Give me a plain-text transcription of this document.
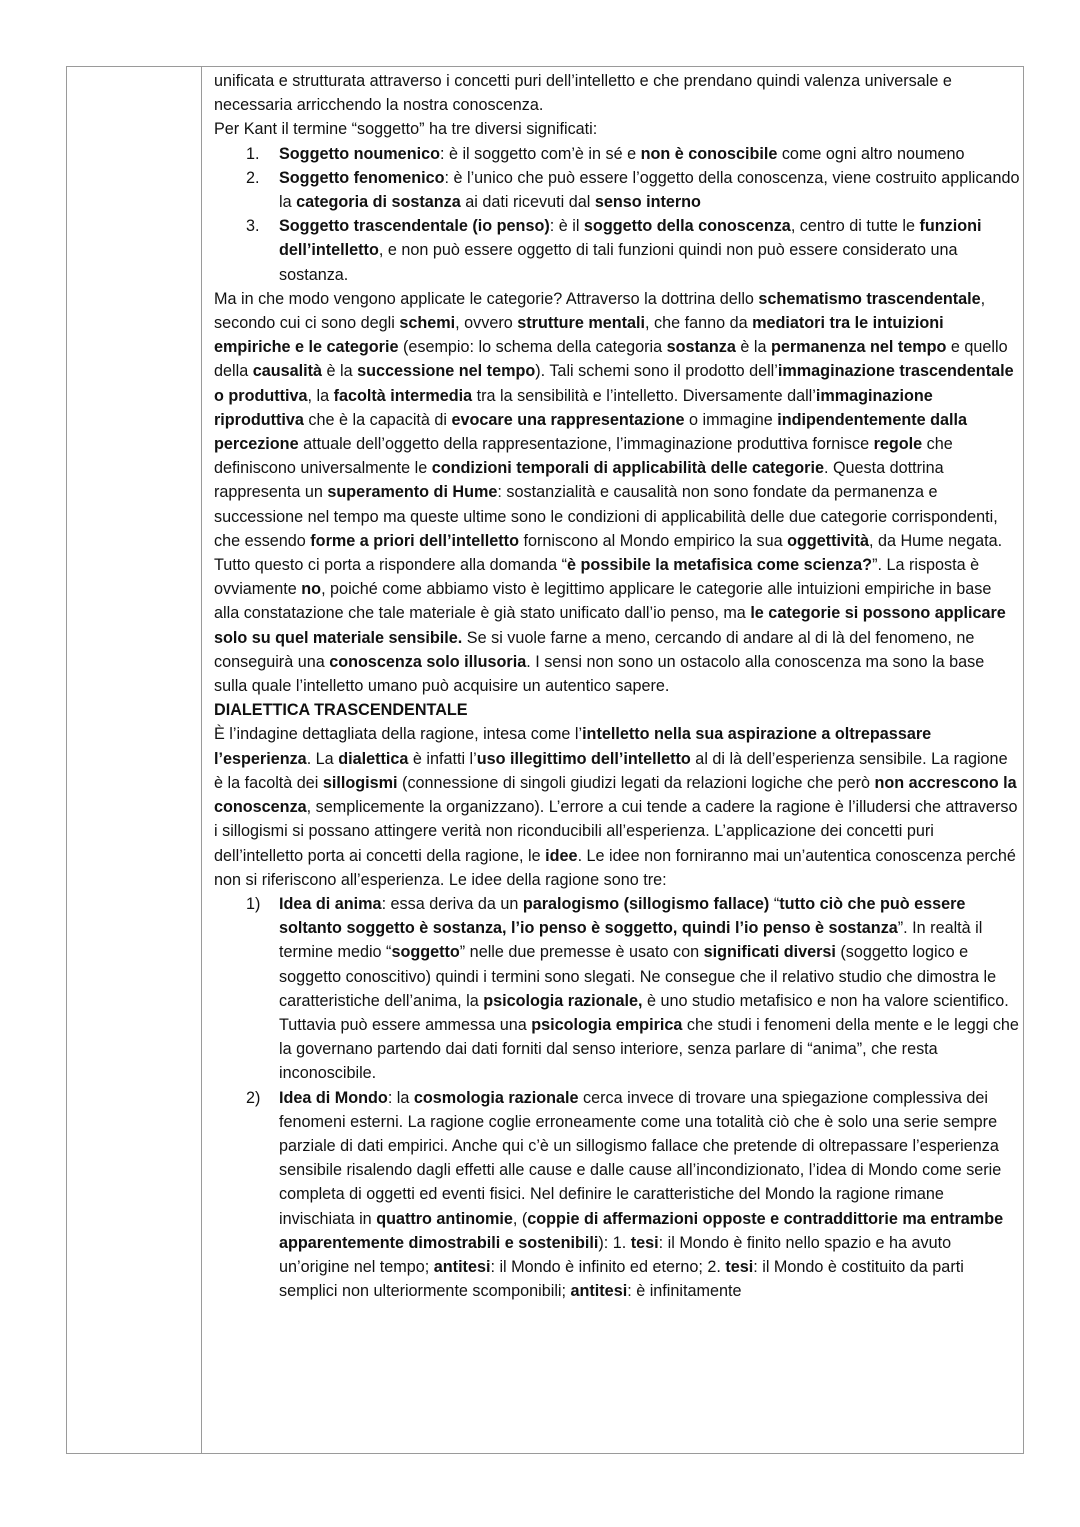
unificata e strutturata attraverso i concetti puri dell’intelletto e che prendano quindi valenza universale e necessaria arricchendo la nostra conoscenza.

Per Kant il termine “soggetto” ha tre diversi significati:

1. Soggetto noumenico: è il soggetto com’è in sé e non è conoscibile come ogni altro noumeno
2. Soggetto fenomenico: è l’unico che può essere l’oggetto della conoscenza, viene costruito applicando la categoria di sostanza ai dati ricevuti dal senso interno
3. Soggetto trascendentale (io penso): è il soggetto della conoscenza, centro di tutte le funzioni dell’intelletto, e non può essere oggetto di tali funzioni quindi non può essere considerato una sostanza.

Ma in che modo vengono applicate le categorie? Attraverso la dottrina dello schematismo trascendentale, secondo cui ci sono degli schemi, ovvero strutture mentali, che fanno da mediatori tra le intuizioni empiriche e le categorie (esempio: lo schema della categoria sostanza è la permanenza nel tempo e quello della causalità è la successione nel tempo). Tali schemi sono il prodotto dell’immaginazione trascendentale o produttiva, la facoltà intermedia tra la sensibilità e l’intelletto. Diversamente dall’immaginazione riproduttiva che è la capacità di evocare una rappresentazione o immagine indipendentemente dalla percezione attuale dell’oggetto della rappresentazione, l’immaginazione produttiva fornisce regole che definiscono universalmente le condizioni temporali di applicabilità delle categorie. Questa dottrina rappresenta un superamento di Hume: sostanzialità e causalità non sono fondate da permanenza e successione nel tempo ma queste ultime sono le condizioni di applicabilità delle due categorie corrispondenti, che essendo forme a priori dell’intelletto forniscono al Mondo empirico la sua oggettività, da Hume negata.

Tutto questo ci porta a rispondere alla domanda “è possibile la metafisica come scienza?”. La risposta è ovviamente no, poiché come abbiamo visto è legittimo applicare le categorie alle intuizioni empiriche in base alla constatazione che tale materiale è già stato unificato dall’io penso, ma le categorie si possono applicare solo su quel materiale sensibile. Se si vuole farne a meno, cercando di andare al di là del fenomeno, ne conseguirà una conoscenza solo illusoria. I sensi non sono un ostacolo alla conoscenza ma sono la base sulla quale l’intelletto umano può acquisire un autentico sapere.

DIALETTICA TRASCENDENTALE

È l’indagine dettagliata della ragione, intesa come l’intelletto nella sua aspirazione a oltrepassare l’esperienza. La dialettica è infatti l’uso illegittimo dell’intelletto al di là dell’esperienza sensibile. La ragione è la facoltà dei sillogismi (connessione di singoli giudizi legati da relazioni logiche che però non accrescono la conoscenza, semplicemente la organizzano). L’errore a cui tende a cadere la ragione è l’illudersi che attraverso i sillogismi si possano attingere verità non riconducibili all’esperienza. L’applicazione dei concetti puri dell’intelletto porta ai concetti della ragione, le idee. Le idee non forniranno mai un’autentica conoscenza perché non si riferiscono all’esperienza. Le idee della ragione sono tre:

1) Idea di anima: essa deriva da un paralogismo (sillogismo fallace) “tutto ciò che può essere soltanto soggetto è sostanza, l’io penso è soggetto, quindi l’io penso è sostanza”. In realtà il termine medio “soggetto” nelle due premesse è usato con significati diversi (soggetto logico e soggetto conoscitivo) quindi i termini sono slegati. Ne consegue che il relativo studio che dimostra le caratteristiche dell’anima, la psicologia razionale, è uno studio metafisico e non ha valore scientifico. Tuttavia può essere ammessa una psicologia empirica che studi i fenomeni della mente e le leggi che la governano partendo dai dati forniti dal senso interiore, senza parlare di “anima”, che resta inconoscibile.
2) Idea di Mondo: la cosmologia razionale cerca invece di trovare una spiegazione complessiva dei fenomeni esterni. La ragione coglie erroneamente come una totalità ciò che è solo una serie sempre parziale di dati empirici. Anche qui c’è un sillogismo fallace che pretende di oltrepassare l’esperienza sensibile risalendo dagli effetti alle cause e dalle cause all’incondizionato, l’idea di Mondo come serie completa di oggetti ed eventi fisici. Nel definire le caratteristiche del Mondo la ragione rimane invischiata in quattro antinomie, (coppie di affermazioni opposte e contraddittorie ma entrambe apparentemente dimostrabili e sostenibili): 1. tesi: il Mondo è finito nello spazio e ha avuto un’origine nel tempo; antitesi: il Mondo è infinito ed eterno; 2. tesi: il Mondo è costituito da parti semplici non ulteriormente scomponibili; antitesi: è infinitamente
